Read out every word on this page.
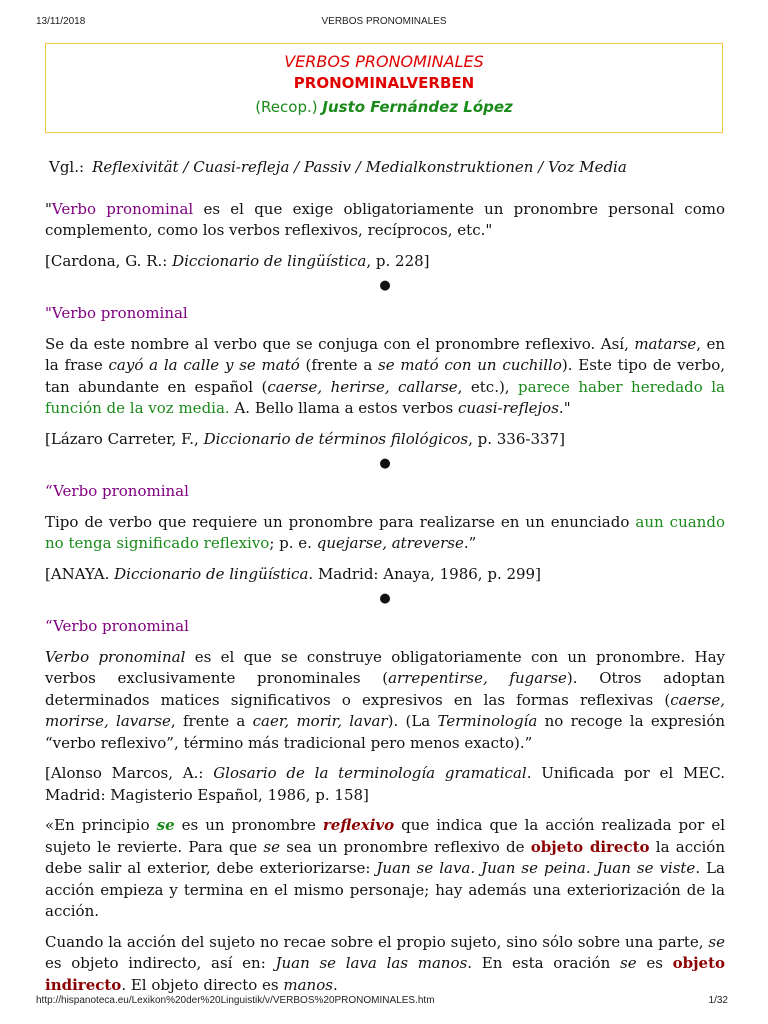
13/11/2018	VERBOS PRONOMINALES
VERBOS PRONOMINALES
PRONOMINALVERBEN
(Recop.) Justo Fernández López

Vgl.: Reflexivität / Cuasi-refleja / Passiv / Medialkonstruktionen / Voz Media

"Verbo pronominal es el que exige obligatoriamente un pronombre personal como complemento, como los verbos reflexivos, recíprocos, etc."

[Cardona, G. R.: Diccionario de lingüística, p. 228]

●

"Verbo pronominal

Se da este nombre al verbo que se conjuga con el pronombre reflexivo. Así, matarse, en la frase cayó a la calle y se mató (frente a se mató con un cuchillo). Este tipo de verbo, tan abundante en español (caerse, herirse, callarse, etc.), parece haber heredado la función de la voz media. A. Bello llama a estos verbos cuasi-reflejos."

[Lázaro Carreter, F., Diccionario de términos filológicos, p. 336-337]

●

“Verbo pronominal

Tipo de verbo que requiere un pronombre para realizarse en un enunciado aun cuando no tenga significado reflexivo; p. e. quejarse, atreverse.”

[ANAYA. Diccionario de lingüística. Madrid: Anaya, 1986, p. 299]

●

“Verbo pronominal

Verbo pronominal es el que se construye obligatoriamente con un pronombre. Hay verbos exclusivamente pronominales (arrepentirse, fugarse). Otros adoptan determinados matices significativos o expresivos en las formas reflexivas (caerse, morirse, lavarse, frente a caer, morir, lavar). (La Terminología no recoge la expresión “verbo reflexivo”, término más tradicional pero menos exacto).”

[Alonso Marcos, A.: Glosario de la terminología gramatical. Unificada por el MEC. Madrid: Magisterio Español, 1986, p. 158]

«En principio se es un pronombre reflexivo que indica que la acción realizada por el sujeto le revierte. Para que se sea un pronombre reflexivo de objeto directo la acción debe salir al exterior, debe exteriorizarse: Juan se lava. Juan se peina. Juan se viste. La acción empieza y termina en el mismo personaje; hay además una exteriorización de la acción.

Cuando la acción del sujeto no recae sobre el propio sujeto, sino sólo sobre una parte, se es objeto indirecto, así en: Juan se lava las manos. En esta oración se es objeto indirecto. El objeto directo es manos.

http://hispanoteca.eu/Lexikon%20der%20Linguistik/v/VERBOS%20PRONOMINALES.htm	1/32
